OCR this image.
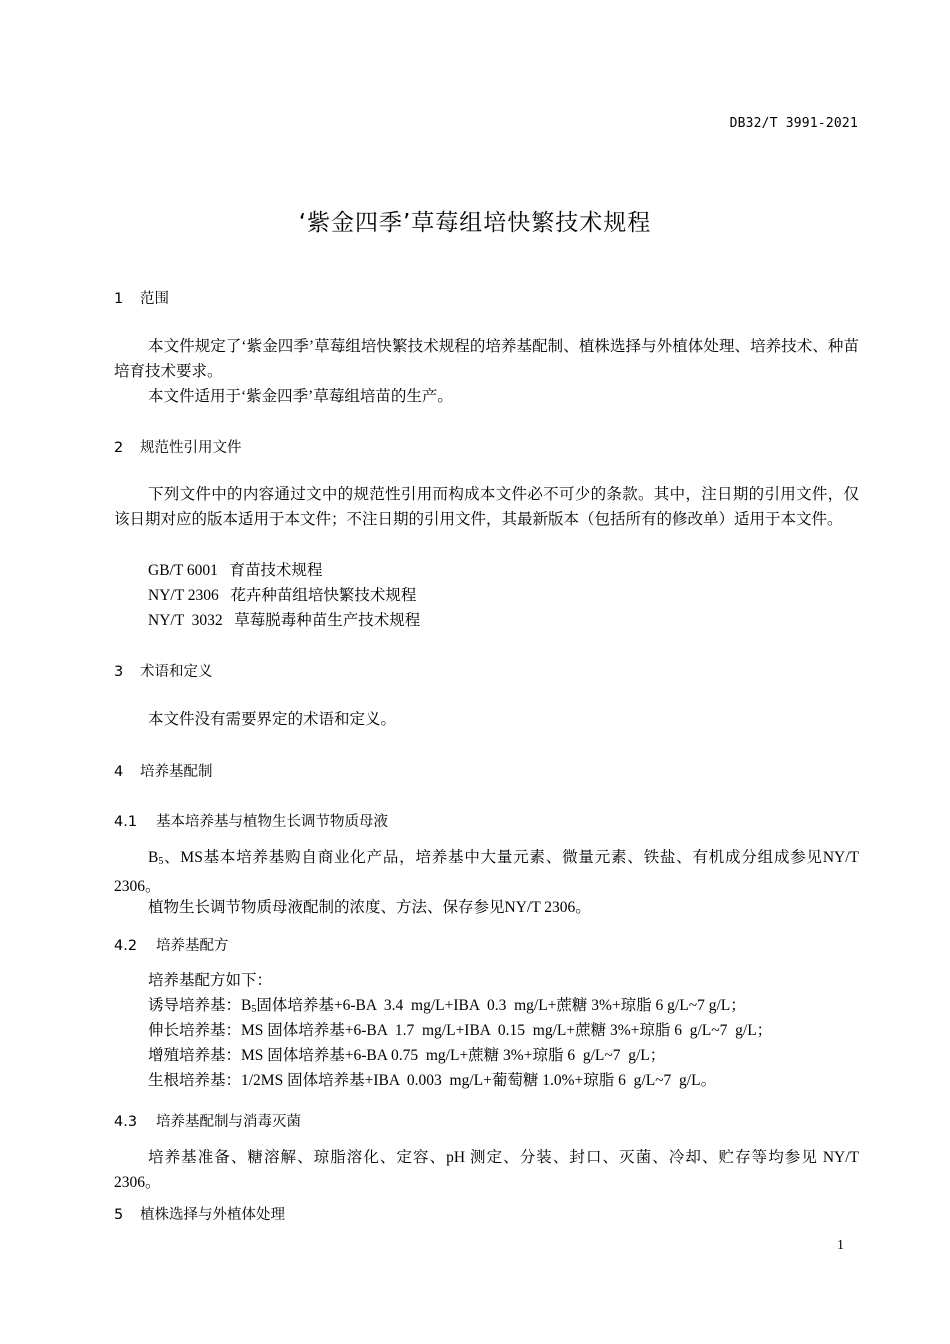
DB32/T 3991-2021
‘紫金四季’草莓组培快繁技术规程
1 范围
本文件规定了‘紫金四季’草莓组培快繁技术规程的培养基配制、植株选择与外植体处理、培养技术、种苗培育技术要求。
本文件适用于‘紫金四季’草莓组培苗的生产。
2 规范性引用文件
下列文件中的内容通过文中的规范性引用而构成本文件必不可少的条款。其中，注日期的引用文件，仅该日期对应的版本适用于本文件；不注日期的引用文件，其最新版本（包括所有的修改单）适用于本文件。
GB/T 6001   育苗技术规程
NY/T 2306   花卉种苗组培快繁技术规程
NY/T  3032   草莓脱毒种苗生产技术规程
3 术语和定义
本文件没有需要界定的术语和定义。
4 培养基配制
4.1 基本培养基与植物生长调节物质母液
$B_5$、MS基本培养基购自商业化产品，培养基中大量元素、微量元素、铁盐、有机成分组成参见NY/T 2306。
植物生长调节物质母液配制的浓度、方法、保存参见NY/T 2306。
4.2 培养基配方
培养基配方如下：
诱导培养基：$B_5$固体培养基+6-BA  3.4  mg/L+IBA  0.3  mg/L+蔗糖 3%+琼脂 6 g/L~7 g/L；
伸长培养基：MS 固体培养基+6-BA  1.7  mg/L+IBA  0.15  mg/L+蔗糖 3%+琼脂 6  g/L~7  g/L；
增殖培养基：MS 固体培养基+6-BA 0.75  mg/L+蔗糖 3%+琼脂 6  g/L~7  g/L；
生根培养基：1/2MS 固体培养基+IBA  0.003  mg/L+葡萄糖 1.0%+琼脂 6  g/L~7  g/L。
4.3 培养基配制与消毒灭菌
培养基准备、糖溶解、琼脂溶化、定容、pH 测定、分装、封口、灭菌、冷却、贮存等均参见 NY/T 2306。
5 植株选择与外植体处理
1
